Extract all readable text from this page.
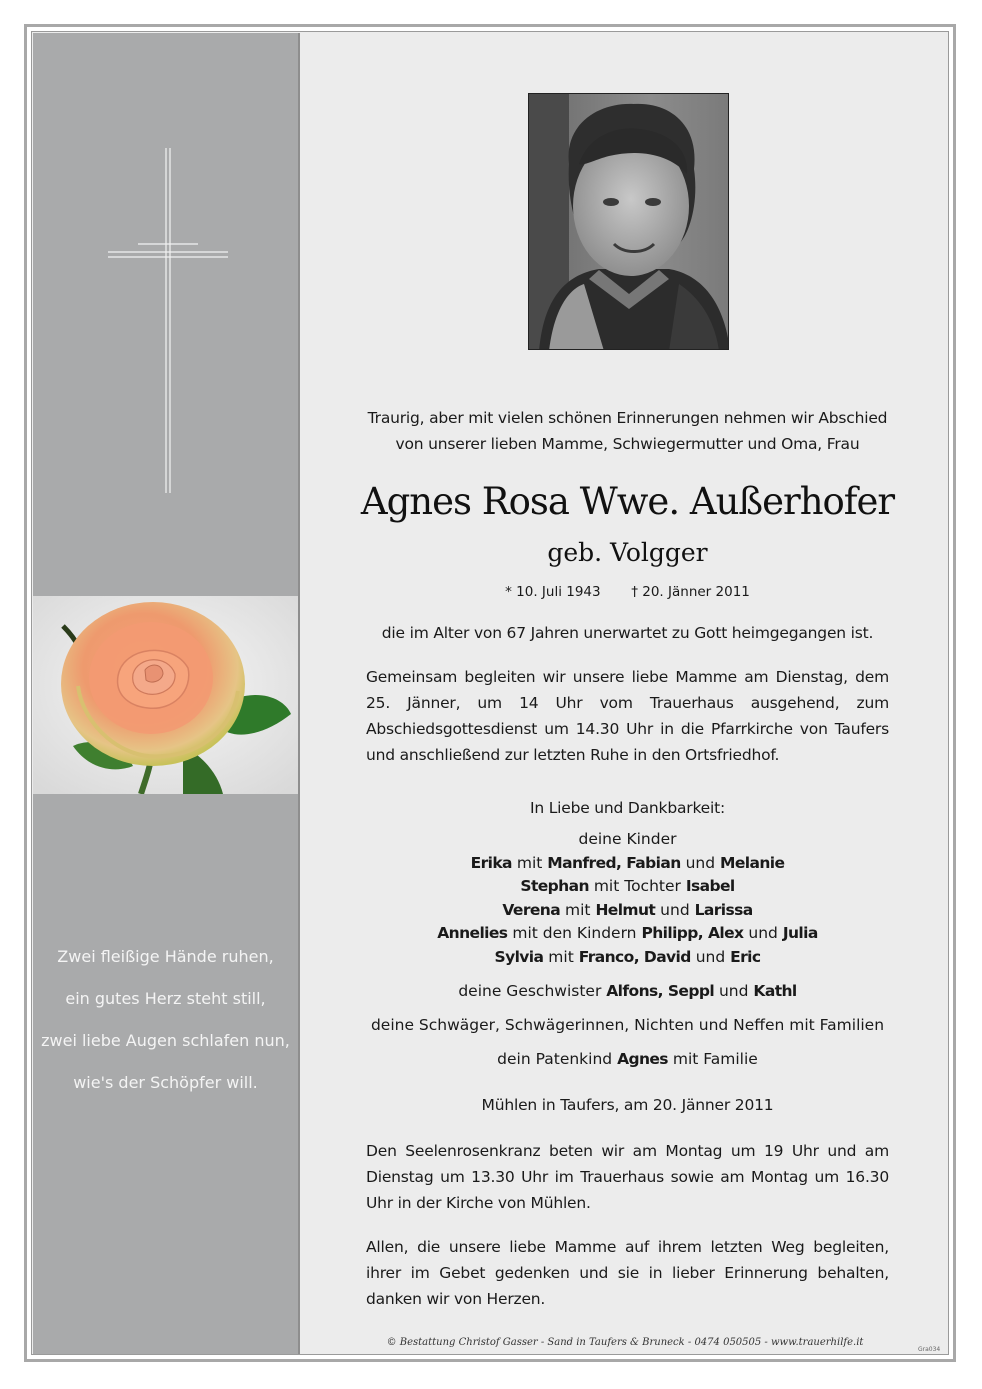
Zwei fleißige Hände ruhen,
ein gutes Herz steht still,
zwei liebe Augen schlafen nun,
wie's der Schöpfer will.
Traurig, aber mit vielen schönen Erinnerungen nehmen wir Abschied
von unserer lieben Mamme, Schwiegermutter und Oma, Frau
Agnes Rosa Wwe. Außerhofer
geb. Volgger
* 10. Juli 1943 † 20. Jänner 2011
die im Alter von 67 Jahren unerwartet zu Gott heimgegangen ist.
Gemeinsam begleiten wir unsere liebe Mamme am Dienstag, dem 25. Jänner, um 14 Uhr vom Trauerhaus ausgehend, zum Abschiedsgottesdienst um 14.30 Uhr in die Pfarrkirche von Taufers und anschließend zur letzten Ruhe in den Ortsfriedhof.
In Liebe und Dankbarkeit:
deine Kinder
Erika mit Manfred, Fabian und Melanie
Stephan mit Tochter Isabel
Verena mit Helmut und Larissa
Annelies mit den Kindern Philipp, Alex und Julia
Sylvia mit Franco, David und Eric
deine Geschwister Alfons, Seppl und Kathl
deine Schwäger, Schwägerinnen, Nichten und Neffen mit Familien
dein Patenkind Agnes mit Familie
Mühlen in Taufers, am 20. Jänner 2011
Den Seelenrosenkranz beten wir am Montag um 19 Uhr und am Dienstag um 13.30 Uhr im Trauerhaus sowie am Montag um 16.30 Uhr in der Kirche von Mühlen.
Allen, die unsere liebe Mamme auf ihrem letzten Weg begleiten, ihrer im Gebet gedenken und sie in lieber Erinnerung behalten, danken wir von Herzen.
© Bestattung Christof Gasser - Sand in Taufers & Bruneck - 0474 050505 - www.trauerhilfe.it
Gra034
